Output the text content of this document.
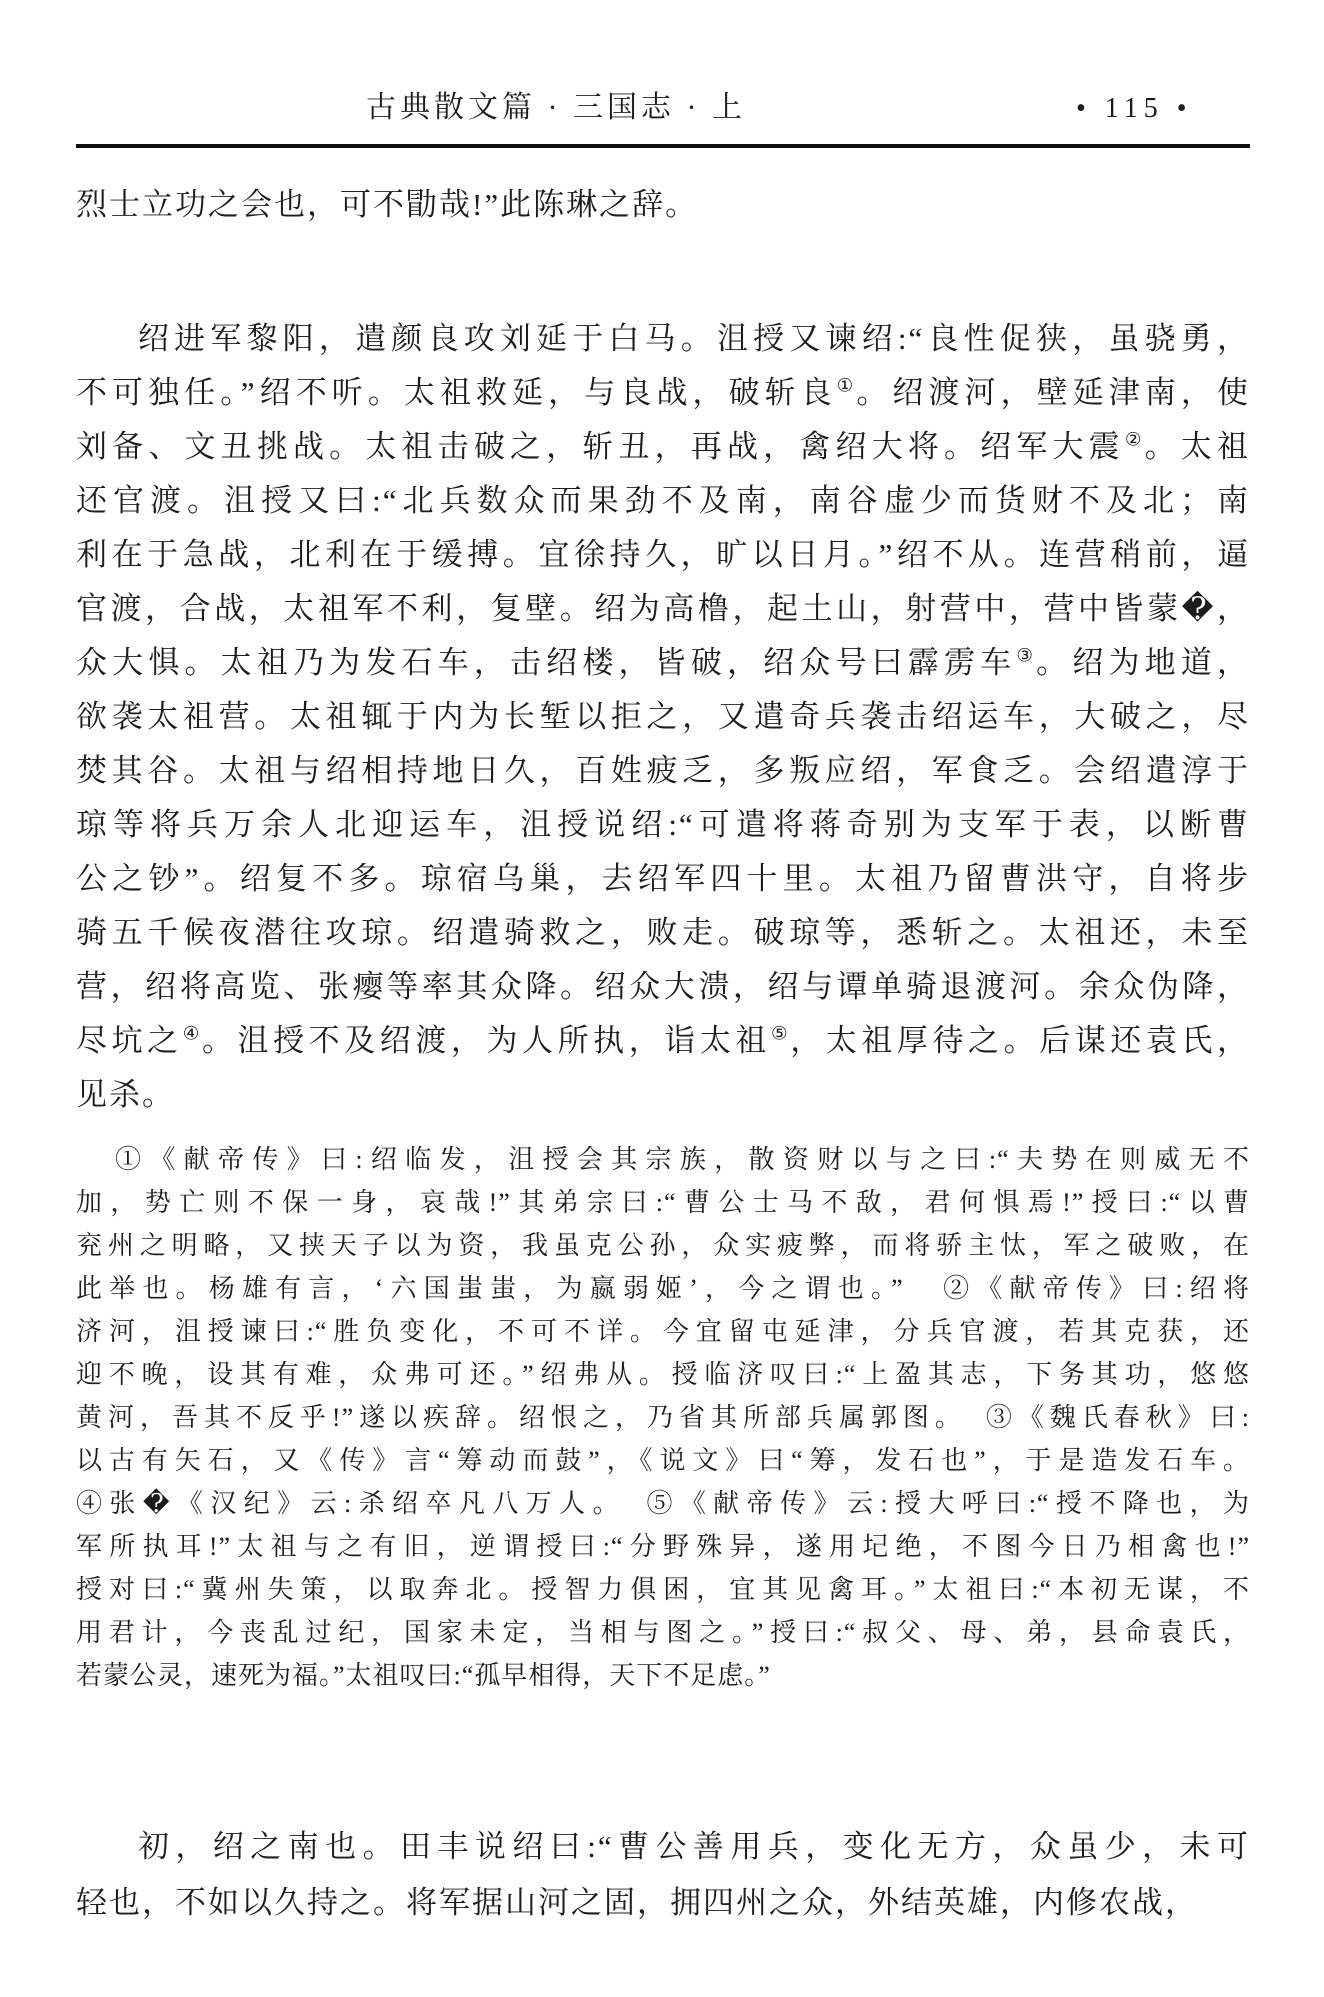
古典散文篇 · 三国志 · 上	• 115 •
烈士立功之会也，可不勖哉!”此陈琳之辞。
绍进军黎阳，遣颜良攻刘延于白马。沮授又谏绍:“良性促狭，虽骁勇，
不可独任。”绍不听。太祖救延，与良战，破斩良①。绍渡河，壁延津南，使
刘备、文丑挑战。太祖击破之，斩丑，再战，禽绍大将。绍军大震②。太祖
还官渡。沮授又曰:“北兵数众而果劲不及南，南谷虚少而货财不及北；南
利在于急战，北利在于缓搏。宜徐持久，旷以日月。”绍不从。连营稍前，逼
官渡，合战，太祖军不利，复壁。绍为高橹，起土山，射营中，营中皆蒙�，
众大惧。太祖乃为发石车，击绍楼，皆破，绍众号曰霹雳车③。绍为地道，
欲袭太祖营。太祖辄于内为长堑以拒之，又遣奇兵袭击绍运车，大破之，尽
焚其谷。太祖与绍相持地日久，百姓疲乏，多叛应绍，军食乏。会绍遣淳于
琼等将兵万余人北迎运车，沮授说绍:“可遣将蒋奇别为支军于表，以断曹
公之钞”。绍复不多。琼宿乌巢，去绍军四十里。太祖乃留曹洪守，自将步
骑五千候夜潜往攻琼。绍遣骑救之，败走。破琼等，悉斩之。太祖还，未至
营，绍将高览、张瘿等率其众降。绍众大溃，绍与谭单骑退渡河。余众伪降，
尽坑之④。沮授不及绍渡，为人所执，诣太祖⑤，太祖厚待之。后谋还袁氏，
见杀。
①《献帝传》曰:绍临发，沮授会其宗族，散资财以与之曰:“夫势在则威无不
加，势亡则不保一身，哀哉!”其弟宗曰:“曹公士马不敌，君何惧焉!”授曰:“以曹
兖州之明略，又挟天子以为资，我虽克公孙，众实疲弊，而将骄主忲，军之破败，在
此举也。杨雄有言，‘六国蚩蚩，为嬴弱姬’，今之谓也。”　②《献帝传》曰:绍将
济河，沮授谏曰:“胜负变化，不可不详。今宜留屯延津，分兵官渡，若其克获，还
迎不晚，设其有难，众弗可还。”绍弗从。授临济叹曰:“上盈其志，下务其功，悠悠
黄河，吾其不反乎!”遂以疾辞。绍恨之，乃省其所部兵属郭图。　③《魏氏春秋》曰:
以古有矢石，又《传》言“筹动而鼓”，《说文》曰“筹，发石也”，于是造发石车。
④张�《汉纪》云:杀绍卒凡八万人。　⑤《献帝传》云:授大呼曰:“授不降也，为
军所执耳!”太祖与之有旧，逆谓授曰:“分野殊异，遂用圮绝，不图今日乃相禽也!”
授对曰:“冀州失策，以取奔北。授智力俱困，宜其见禽耳。”太祖曰:“本初无谋，不
用君计，今丧乱过纪，国家未定，当相与图之。”授曰:“叔父、母、弟，县命袁氏，
若蒙公灵，速死为福。”太祖叹曰:“孤早相得，天下不足虑。”
初，绍之南也。田丰说绍曰:“曹公善用兵，变化无方，众虽少，未可
轻也，不如以久持之。将军据山河之固，拥四州之众，外结英雄，内修农战，
